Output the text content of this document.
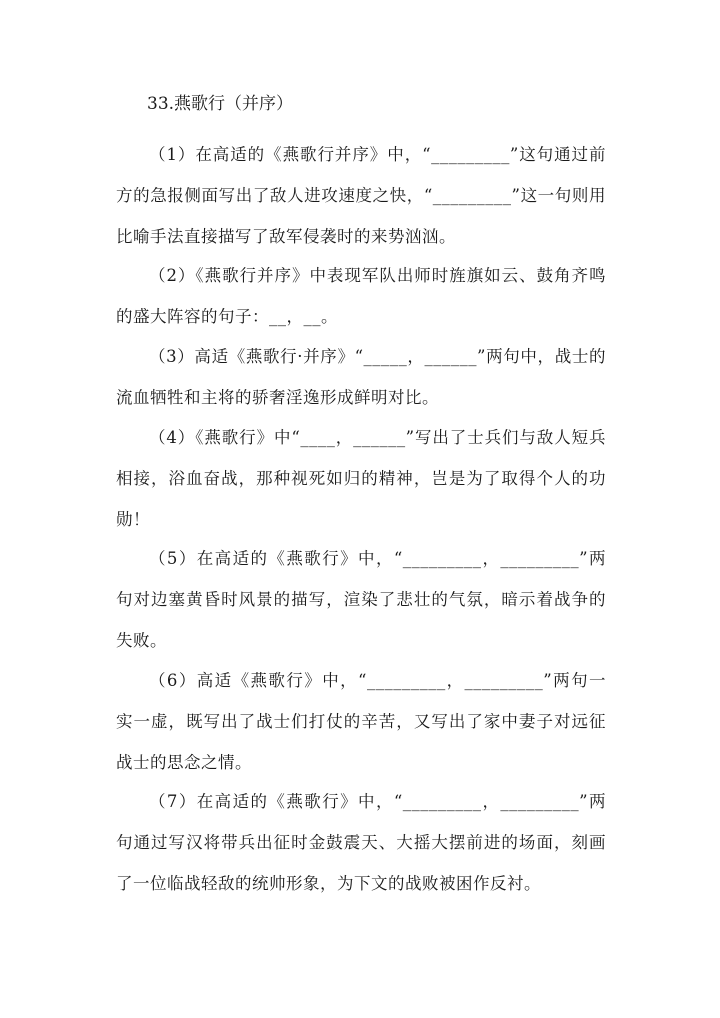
33.燕歌行（并序）

（1）在高适的《燕歌行并序》中，“_________”这句通过前方的急报侧面写出了敌人进攻速度之快，“_________”这一句则用比喻手法直接描写了敌军侵袭时的来势汹汹。

（2）《燕歌行并序》中表现军队出师时旌旗如云、鼓角齐鸣的盛大阵容的句子：__，__。

（3）高适《燕歌行·并序》“_____，______”两句中，战士的流血牺牲和主将的骄奢淫逸形成鲜明对比。

（4）《燕歌行》中“____，______”写出了士兵们与敌人短兵相接，浴血奋战，那种视死如归的精神，岂是为了取得个人的功勋！

（5）在高适的《燕歌行》中，“_________，_________”两句对边塞黄昏时风景的描写，渲染了悲壮的气氛，暗示着战争的失败。

（6）高适《燕歌行》中，“_________，_________”两句一实一虚，既写出了战士们打仗的辛苦，又写出了家中妻子对远征战士的思念之情。

（7）在高适的《燕歌行》中，“_________，_________”两句通过写汉将带兵出征时金鼓震天、大摇大摆前进的场面，刻画了一位临战轻敌的统帅形象，为下文的战败被困作反衬。
